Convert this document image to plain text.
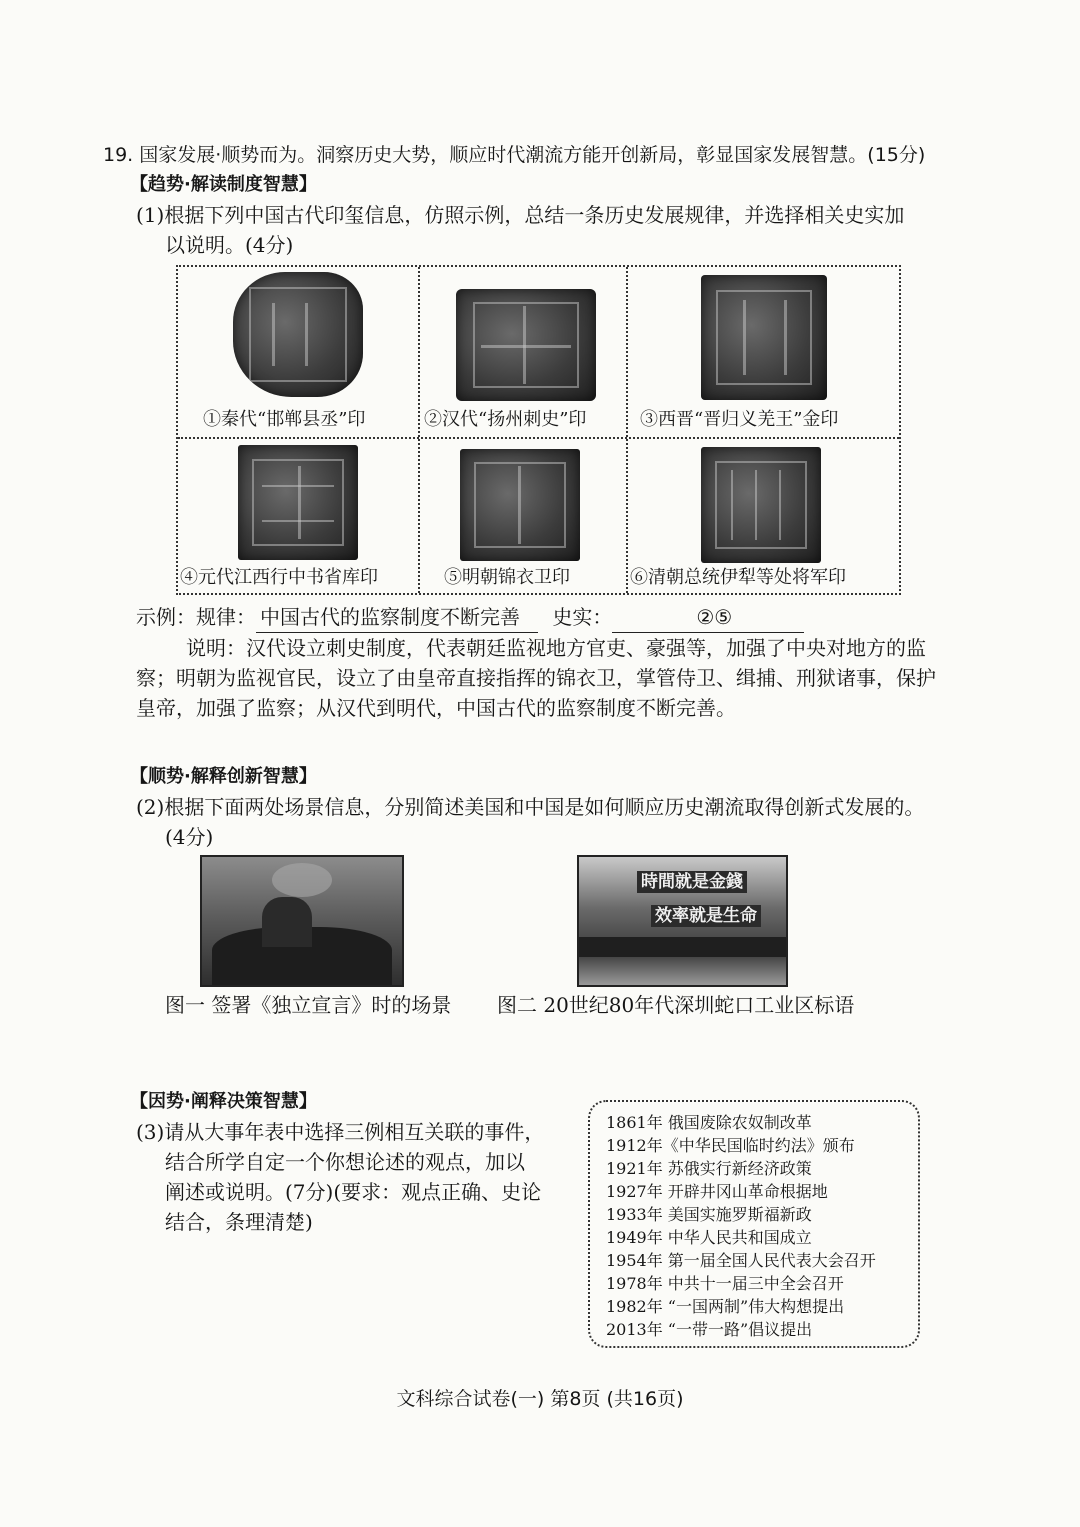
19. 国家发展·顺势而为。洞察历史大势，顺应时代潮流方能开创新局，彰显国家发展智慧。(15分)
【趋势·解读制度智慧】
(1)根据下列中国古代印玺信息，仿照示例，总结一条历史发展规律，并选择相关史实加
以说明。(4分)
①秦代“邯郸县丞”印	②汉代“扬州刺史”印	③西晋“晋归义羌王”金印
④元代江西行中书省库印	⑤明朝锦衣卫印	⑥清朝总统伊犁等处将军印
示例：规律： 中国古代的监察制度不断完善 史实：	②⑤
说明：汉代设立刺史制度，代表朝廷监视地方官吏、豪强等，加强了中央对地方的监
察；明朝为监视官民，设立了由皇帝直接指挥的锦衣卫，掌管侍卫、缉捕、刑狱诸事，保护
皇帝，加强了监察；从汉代到明代，中国古代的监察制度不断完善。
【顺势·解释创新智慧】
(2)根据下面两处场景信息，分别简述美国和中国是如何顺应历史潮流取得创新式发展的。
(4分)
图一 签署《独立宣言》时的场景
時間就是金錢
效率就是生命
图二 20世纪80年代深圳蛇口工业区标语
【因势·阐释决策智慧】
(3)请从大事年表中选择三例相互关联的事件，
结合所学自定一个你想论述的观点，加以
阐述或说明。(7分)(要求：观点正确、史论
结合，条理清楚)
1861年 俄国废除农奴制改革
1912年《中华民国临时约法》颁布
1921年 苏俄实行新经济政策
1927年 开辟井冈山革命根据地
1933年 美国实施罗斯福新政
1949年 中华人民共和国成立
1954年 第一届全国人民代表大会召开
1978年 中共十一届三中全会召开
1982年 “一国两制”伟大构想提出
2013年 “一带一路”倡议提出
文科综合试卷(一) 第8页 (共16页)
